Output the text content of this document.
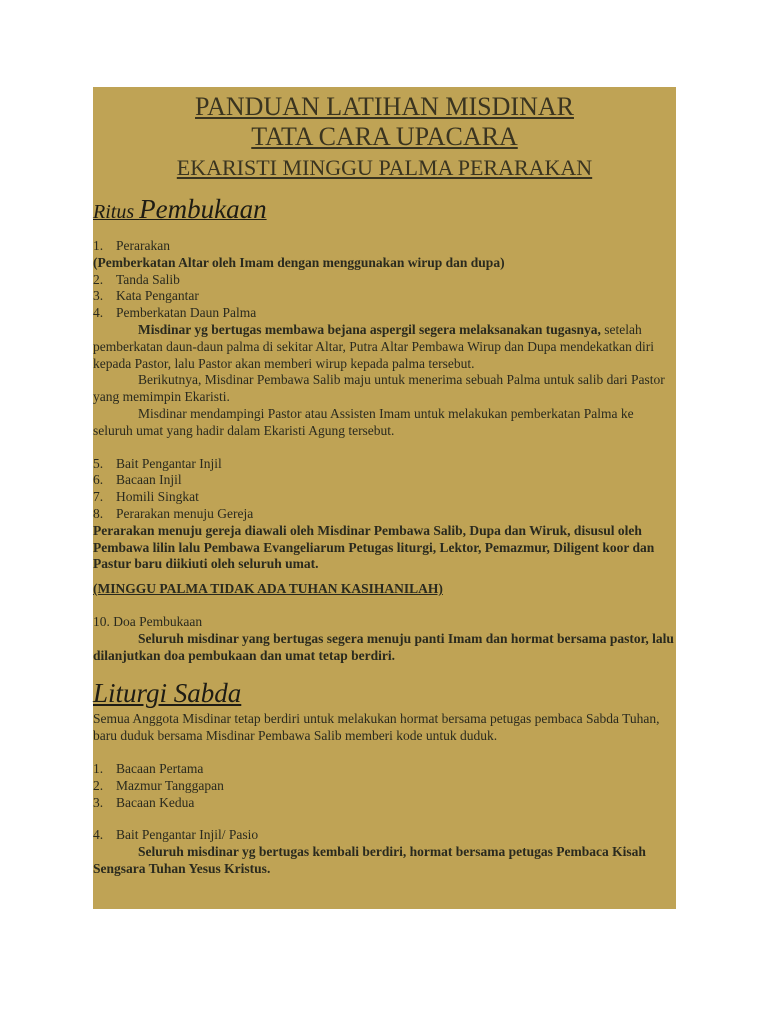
PANDUAN LATIHAN MISDINAR
TATA CARA UPACARA
EKARISTI MINGGU PALMA PERARAKAN
Ritus Pembukaan
1. Perarakan
(Pemberkatan Altar oleh Imam dengan menggunakan wirup dan dupa)
2. Tanda Salib
3. Kata Pengantar
4. Pemberkatan Daun Palma
Misdinar yg bertugas membawa bejana aspergil segera melaksanakan tugasnya, setelah pemberkatan daun-daun palma di sekitar Altar, Putra Altar Pembawa Wirup dan Dupa mendekatkan diri kepada Pastor, lalu Pastor akan memberi wirup kepada palma tersebut.
Berikutnya, Misdinar Pembawa Salib maju untuk menerima sebuah Palma untuk salib dari Pastor yang memimpin Ekaristi.
Misdinar mendampingi Pastor atau Assisten Imam untuk melakukan pemberkatan Palma ke seluruh umat yang hadir dalam Ekaristi Agung tersebut.
5. Bait Pengantar Injil
6. Bacaan Injil
7. Homili Singkat
8. Perarakan menuju Gereja
Perarakan menuju gereja diawali oleh Misdinar Pembawa Salib, Dupa dan Wiruk, disusul oleh Pembawa lilin lalu Pembawa Evangeliarum Petugas liturgi, Lektor, Pemazmur, Diligent koor dan Pastur baru diikiuti oleh seluruh umat.
(MINGGU PALMA TIDAK ADA TUHAN KASIHANILAH)
10. Doa Pembukaan
Seluruh misdinar yang bertugas segera menuju panti Imam dan hormat bersama pastor, lalu dilanjutkan doa pembukaan dan umat tetap berdiri.
Liturgi Sabda
Semua Anggota Misdinar tetap berdiri untuk melakukan hormat bersama petugas pembaca Sabda Tuhan, baru duduk bersama Misdinar Pembawa Salib memberi kode untuk duduk.
1. Bacaan Pertama
2. Mazmur Tanggapan
3. Bacaan Kedua
4. Bait Pengantar Injil/ Pasio
Seluruh misdinar yg bertugas kembali berdiri, hormat bersama petugas Pembaca Kisah Sengsara Tuhan Yesus Kristus.
